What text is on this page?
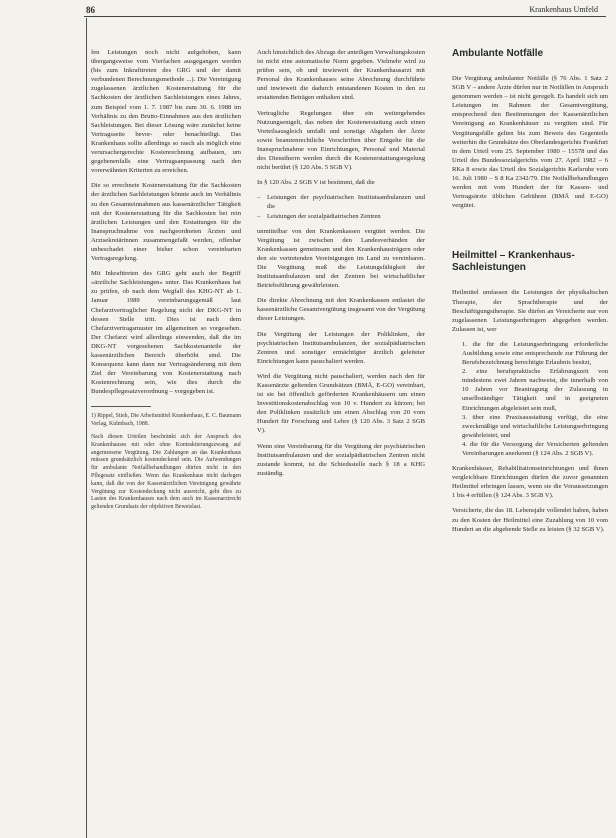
86	Krankenhaus Umfeld

fen Leistungen noch nicht aufgehoben, kann übergangsweise vom Vierfachen ausgegangen werden (bis zum Inkrafttreten des GRG und der damit verbundenen Berechnungsmethode ...). Die Vereinigung zugelassenen ärztlichen Kostenerstattung für die Sachkosten der ärztlichen Sachleistungen eines Jahres, zum Beispiel vom 1. 7. 1987 bis zum 30. 6. 1988 im Verhältnis zu den Brutto-Einnahmen aus den ärztlichen Sachleistungen. Bei dieser Lösung wäre zunächst keine Vertragsseite bevor- oder benachteiligt. Das Krankenhaus sollte allerdings so rasch als möglich eine verursachergerechte Kostenrechnung aufbauen, um gegebenenfalls eine Vertragsanpassung nach den vorerwähnten Kriterien zu erreichen.

Die so errechnete Kostenerstattung für die Sachkosten der ärztlichen Sachleistungen könnte auch im Verhältnis zu den Gesamteinnahmen aus kassenärztlicher Tätigkeit mit der Kostenerstattung für die Sachkosten bei rein ärztlichen Leistungen und den Erstattungen für die Inanspruchnahme von nachgeordneten Ärzten und Arztsekretärinnen zusammengefaßt werden, offenbar unbeschadet einer bisher schon vereinbarten Vertragsregelung.

Mit Inkrafttreten des GRG geht auch der Begriff »ärztliche Sachleistungen« unter. Das Krankenhaus hat zu prüfen, ob nach dem Wegfall des KHG-NT ab 1. Januar 1989 vereinbarungsgemäß laut Chefarztvertraglicher Regelung nicht der DKG-NT in dessen Stelle tritt. Dies ist nach dem Chefarztvertragsmuster im allgemeinen so vorgesehen. Der Chefarzt wird allerdings einwenden, daß die im DKG-NT vorgesehenen Sachkostenanteile der kassenärztlichen Bereich überhöht sind. Die Konsequenz kann dann nur Vertragsänderung mit dem Ziel der Vereinbarung von Kostenerstattung nach Kostenrechnung sein, wie dies durch die Bundespflegesatzverordnung – vorgegeben ist.

1) Rippel, Stieh, Die Arbeitsmittel Krankenhaus, E. C. Baumann Verlag, Kulmbach, 1988.

Nach diesen Urteilen beschränkt sich der Anspruch des Krankenhauses mit oder ohne Kontraktierungszwang auf angemessene Vergütung. Die Zahlungen an das Krankenhaus müssen grundsätzlich kostendeckend sein. Die Aufwendungen für ambulante Notfallbehandlungen dürfen nicht in den Pflegesatz einfließen. Wenn das Krankenhaus nicht darlegen kann, daß die von der Kassenärztlichen Vereinigung gewährte Vergütung zur Kostendeckung nicht ausreicht, geht dies zu Lasten des Krankenhauses nach dem auch im Kassenarztrecht geltenden Grundsatz der objektiven Beweislast.

Auch hinsichtlich des Abzugs der anteiligen Verwaltungskosten ist nicht eine automatische Norm gegeben. Vielmehr wird zu prüfen sein, ob und inwieweit der Krankenhausarzt mit Personal des Krankenhauses seine Abrechnung durchführte und inwieweit die dadurch entstandenen Kosten in den zu erstattenden Beträgen enthalten sind.

Vertragliche Regelungen über ein weitergehendes Nutzungsentgelt, das neben der Kostenerstattung auch einen Vorteilsausgleich umfaßt und sonstige Abgaben der Ärzte sowie beamtenrechtliche Vorschriften über Entgelte für die Inanspruchnahme von Einrichtungen, Personal und Material des Dienstherrn werden durch die Kostenerstattungsregelung nicht berührt (§ 120 Abs. 5 SGB V).

In § 120 Abs. 2 SGB V ist bestimmt, daß die

– Leistungen der psychiatrischen Institutsambulanzen und die
– Leistungen der sozialpädiatrischen Zentren

unmittelbar von den Krankenkassen vergütet werden. Die Vergütung ist zwischen den Landesverbänden der Krankenkassen gemeinsam und den Krankenhausträgern oder den sie vertretenden Vereinigungen im Land zu vereinbaren. Die Vergütung muß die Leistungsfähigkeit der Institutsambulanzen und der Zentren bei wirtschaftlicher Betriebsführung gewährleisten.

Die direkte Abrechnung mit den Krankenkassen entlastet die kassenärztliche Gesamtvergütung insgesamt von der Vergütung dieser Leistungen.

Die Vergütung der Leistungen der Poliklinken, der psychiatrischen Institutsambulanzen, der sozialpädiatrischen Zentren und sonstiger ermächtigter ärztlich geleiteter Einrichtungen kann pauschaliert werden.

Wird die Vergütung nicht pauschaliert, werden nach den für Kassenärzte geltenden Grundsätzen (BMÄ, E-GO) vereinbart, ist sie bei öffentlich geförderten Krankenhäusern um einen Investitionskostenabschlag von 10 v. Hundert zu kürzen; bei den Poliklinken zusätzlich um einen Abschlag von 20 vom Hundert für Forschung und Lehre (§ 120 Abs. 3 Satz 2 SGB V).

Wenn eine Vereinbarung für die Vergütung der psychiatrischen Institutsambulanzen und der sozialpädiatrischen Zentren nicht zustande kommt, ist die Schiedsstelle nach § 18 a KHG zuständig.

Ambulante Notfälle

Die Vergütung ambulanter Notfälle (§ 76 Abs. 1 Satz 2 SGB V – andere Ärzte dürfen nur in Notfällen in Anspruch genommen werden – ist nicht geregelt. Es handelt sich um Leistungen im Rahmen der Gesamtvergütung, entsprechend den Bestimmungen der Kassenärztlichen Vereinigung an Krankenhäuser zu vergüten sind. Für Vergütungsfälle gelten bis zum Beweis des Gegenteils weiterhin die Grundsätze des Oberlandesgerichts Frankfurt in dem Urteil vom 25. September 1980 – 15578 und das Urteil des Bundessozialgerichts vom 27. April 1982 – 6 RKa 8 sowie das Urteil des Sozialgerichts Karlsruhe vom 16. Juli 1980 – S 8 Ka 2342/79. Die Notfallbehandlungen werden mit vom Hundert der für Kassen- und Vertragsärzte üblichen Gebühren (BMÄ und E-GO) vergütet.

Heilmittel – Krankenhaus-Sachleistungen

Heilmittel umfassen die Leistungen der physikalischen Therapie, der Sprachtherapie und der Beschäftigungstherapie. Sie dürfen an Versicherte nur von zugelassenen Leistungserbringern abgegeben werden. Zulassen ist, wer

1. die für die Leistungserbringung erforderliche Ausbildung sowie eine entsprechende zur Führung der Berufsbezeichnung berechtigte Erlaubnis besitzt,
2. eine berufspraktische Erfahrungszeit von mindestens zwei Jahren nachweist, die innerhalb von 10 Jahren vor Beantragung der Zulassung in unselbständiger Tätigkeit und in geeigneten Einrichtungen abgeleistet sein muß,
3. über eine Praxisausstattung verfügt, die eine zweckmäßige und wirtschaftliche Leistungserbringung gewährleistet, und
4. die für die Versorgung der Versicherten geltenden Vereinbarungen anerkennt (§ 124 Abs. 2 SGB V).

Krankenhäuser, Rehabilitationseinrichtungen und ihnen vergleichbare Einrichtungen dürfen die zuvor genannten Heilmittel erbringen lassen, wenn sie die Voraussetzungen 1 bis 4 erfüllen (§ 124 Abs. 3 SGB V).

Versicherte, die das 18. Lebensjahr vollendet haben, haben zu den Kosten der Heilmittel eine Zuzahlung von 10 vom Hundert an die abgebende Stelle zu leisten (§ 32 SGB V).
